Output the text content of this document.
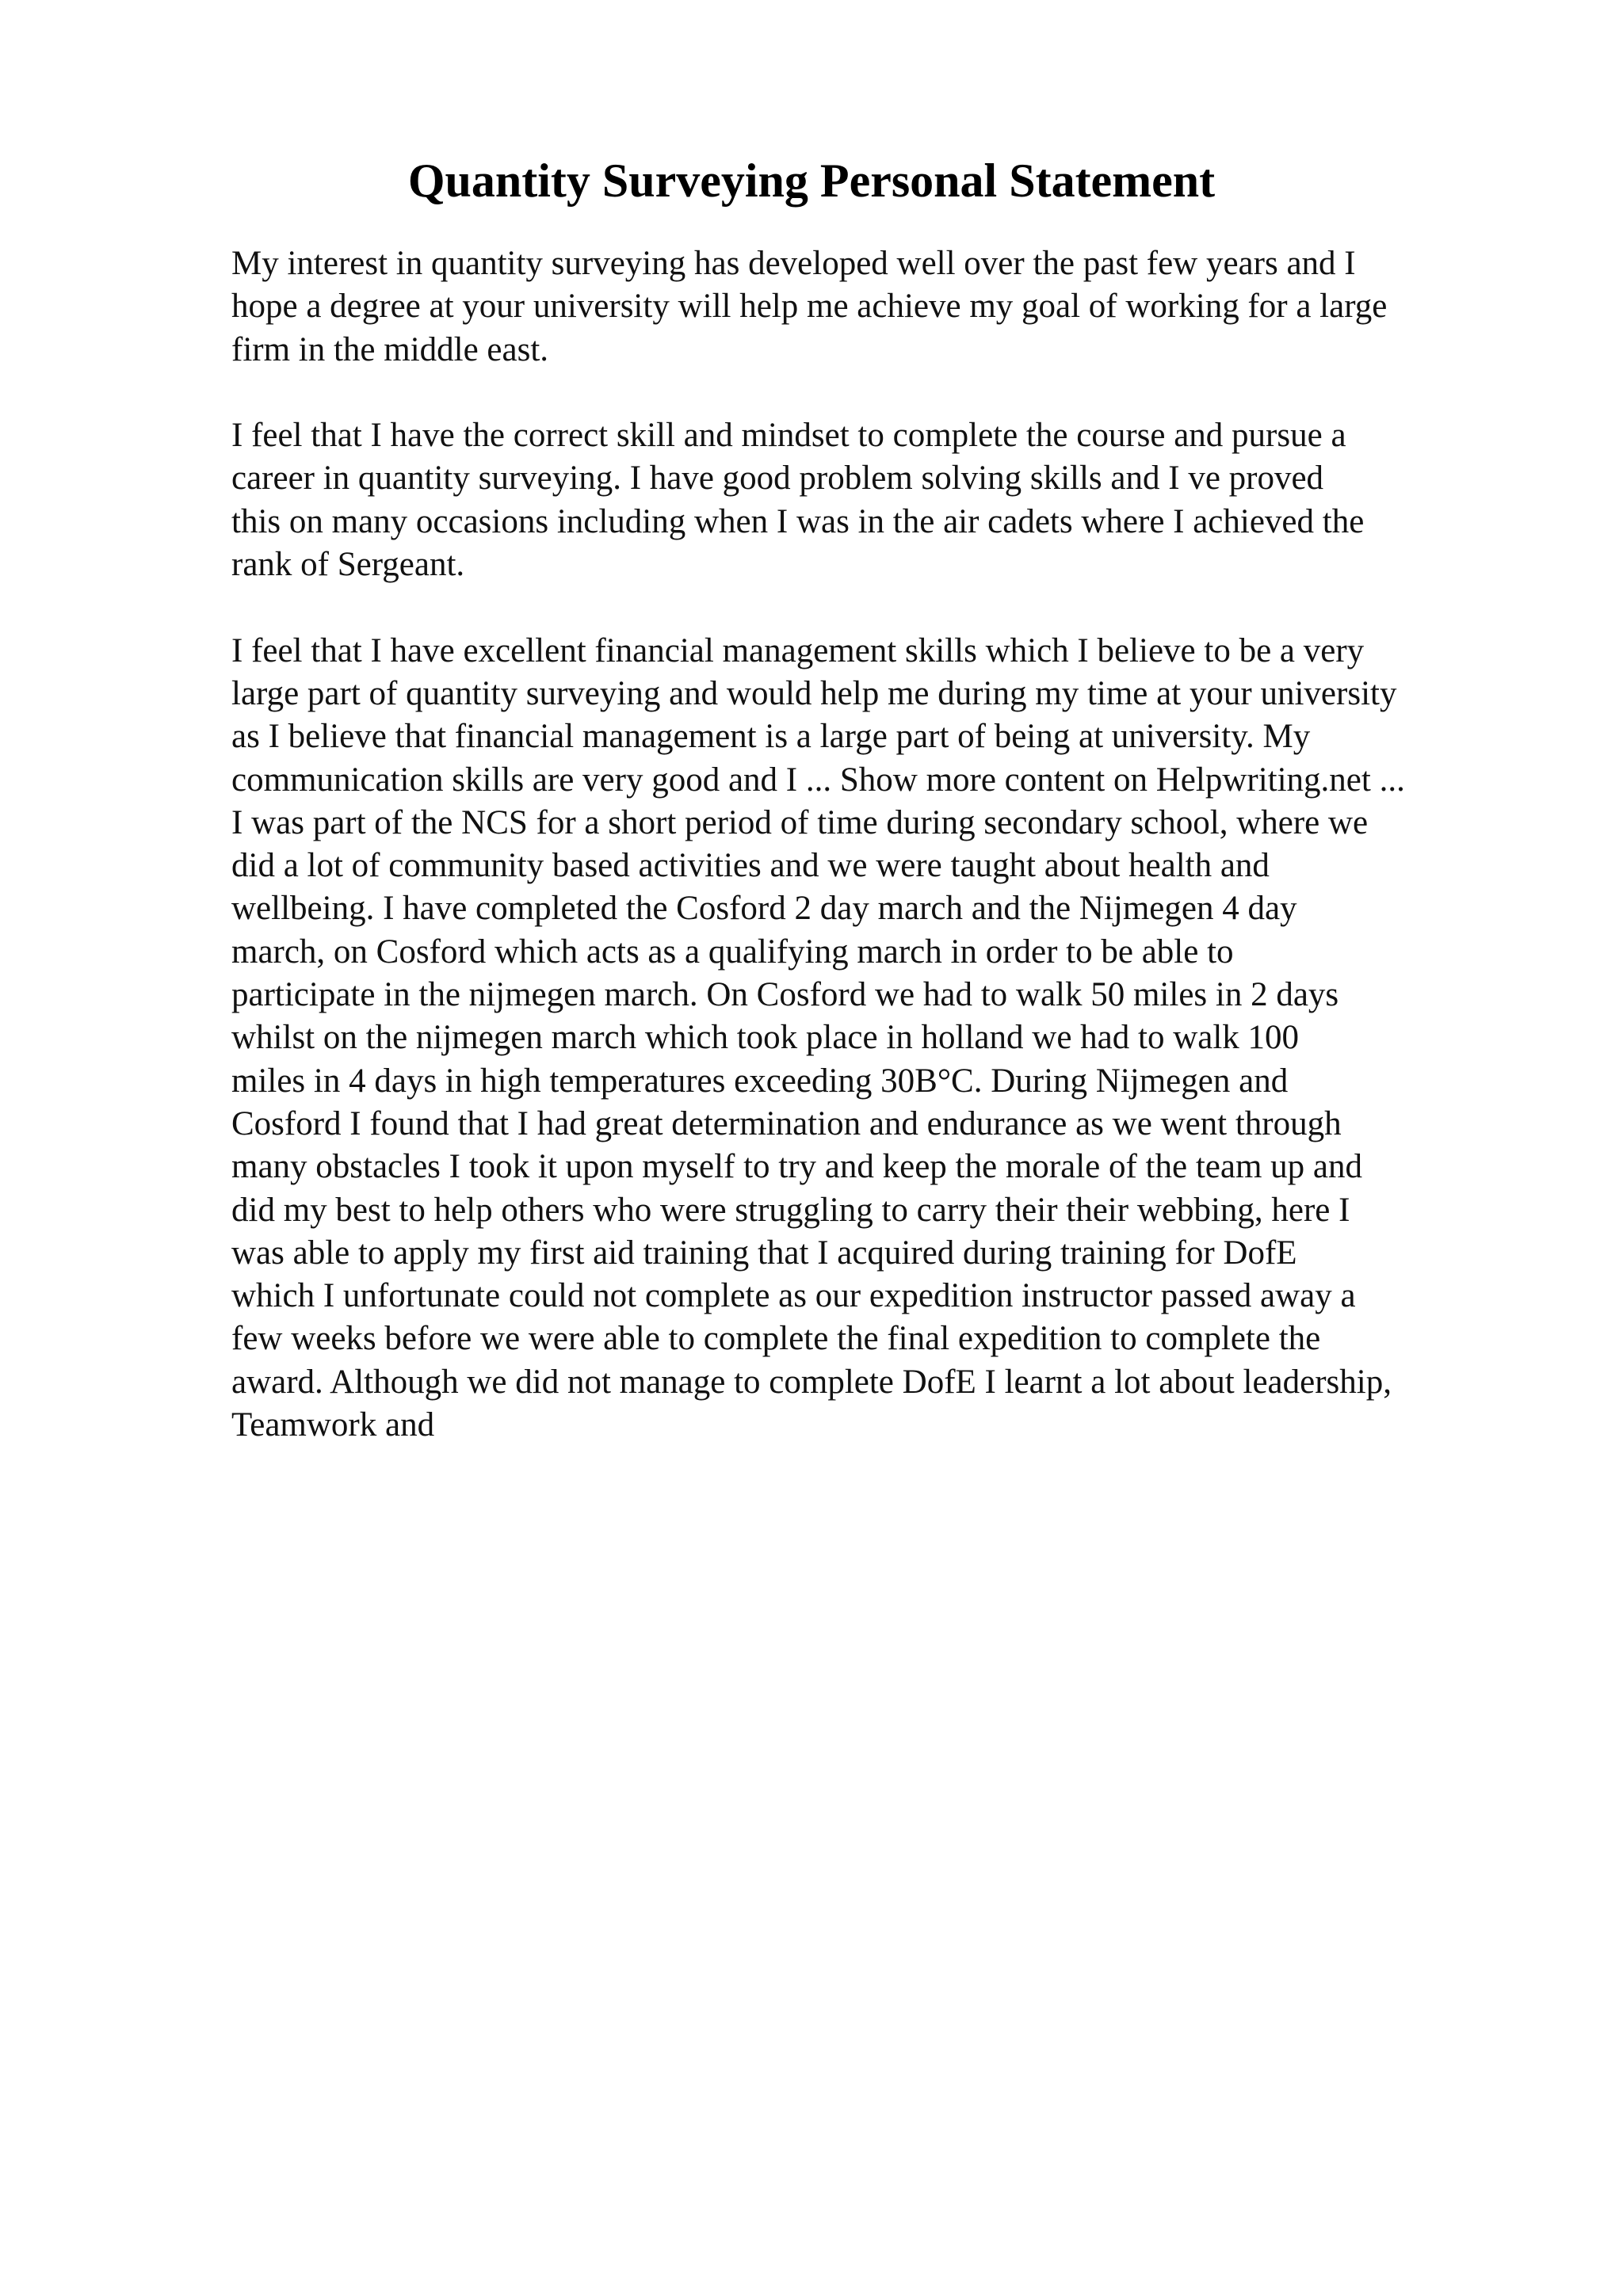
Quantity Surveying Personal Statement

My interest in quantity surveying has developed well over the past few years and I
hope a degree at your university will help me achieve my goal of working for a large
firm in the middle east.

I feel that I have the correct skill and mindset to complete the course and pursue a
career in quantity surveying. I have good problem solving skills and I ve proved
this on many occasions including when I was in the air cadets where I achieved the
rank of Sergeant.

I feel that I have excellent financial management skills which I believe to be a very
large part of quantity surveying and would help me during my time at your university
as I believe that financial management is a large part of being at university. My
communication skills are very good and I ... Show more content on Helpwriting.net ...
I was part of the NCS for a short period of time during secondary school, where we
did a lot of community based activities and we were taught about health and
wellbeing. I have completed the Cosford 2 day march and the Nijmegen 4 day
march, on Cosford which acts as a qualifying march in order to be able to
participate in the nijmegen march. On Cosford we had to walk 50 miles in 2 days
whilst on the nijmegen march which took place in holland we had to walk 100
miles in 4 days in high temperatures exceeding 30B°C. During Nijmegen and
Cosford I found that I had great determination and endurance as we went through
many obstacles I took it upon myself to try and keep the morale of the team up and
did my best to help others who were struggling to carry their their webbing, here I
was able to apply my first aid training that I acquired during training for DofE
which I unfortunate could not complete as our expedition instructor passed away a
few weeks before we were able to complete the final expedition to complete the
award. Although we did not manage to complete DofE I learnt a lot about leadership,
Teamwork and
